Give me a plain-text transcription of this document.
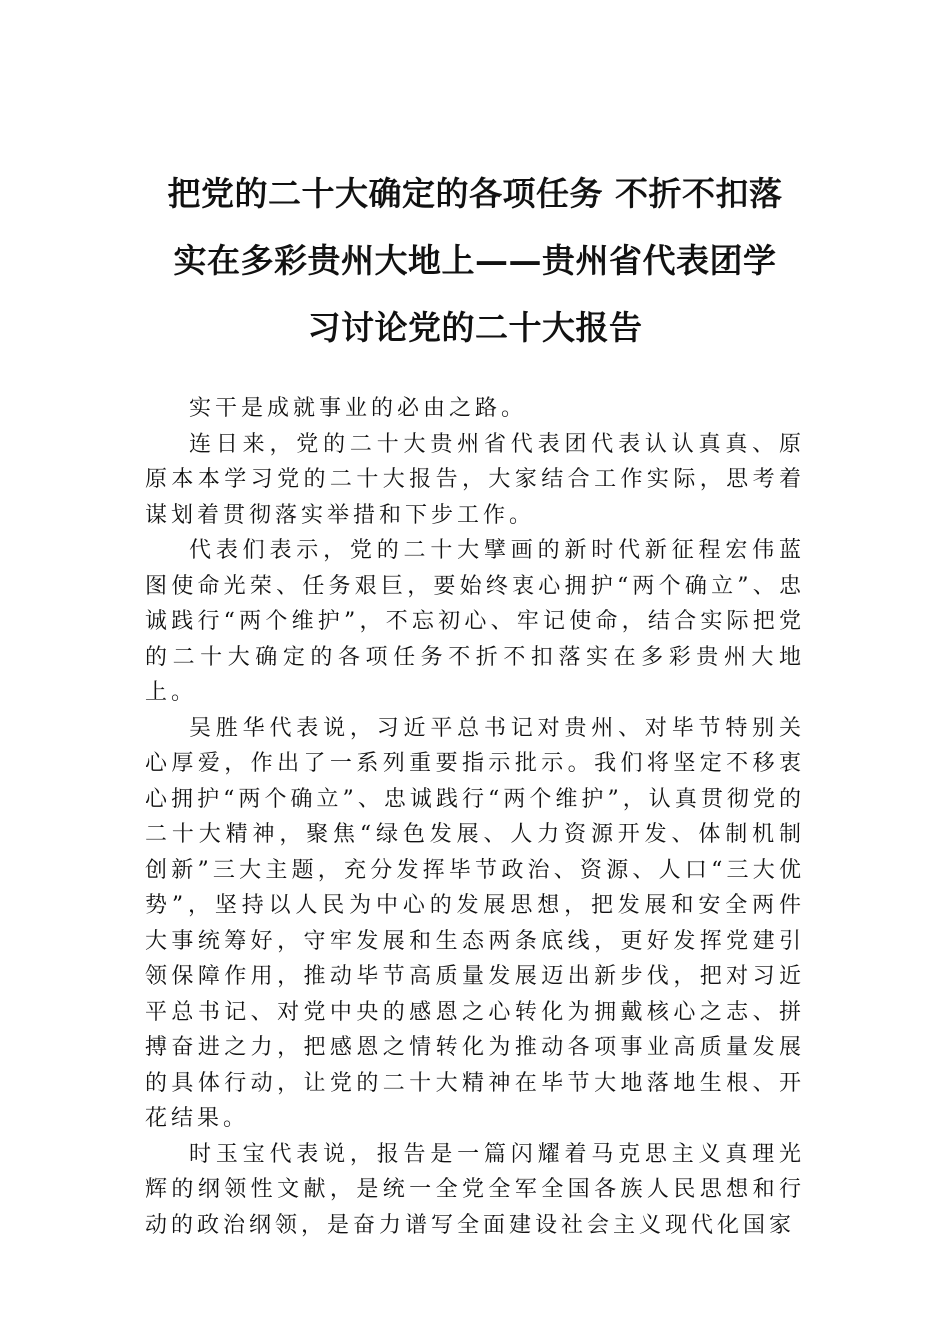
把党的二十大确定的各项任务 不折不扣落
实在多彩贵州大地上——贵州省代表团学
习讨论党的二十大报告

实干是成就事业的必由之路。

连日来，党的二十大贵州省代表团代表认认真真、原原本本学习党的二十大报告，大家结合工作实际，思考着谋划着贯彻落实举措和下步工作。

代表们表示，党的二十大擘画的新时代新征程宏伟蓝图使命光荣、任务艰巨，要始终衷心拥护“两个确立”、忠诚践行“两个维护”，不忘初心、牢记使命，结合实际把党的二十大确定的各项任务不折不扣落实在多彩贵州大地上。

吴胜华代表说，习近平总书记对贵州、对毕节特别关心厚爱，作出了一系列重要指示批示。我们将坚定不移衷心拥护“两个确立”、忠诚践行“两个维护”，认真贯彻党的二十大精神，聚焦“绿色发展、人力资源开发、体制机制创新”三大主题，充分发挥毕节政治、资源、人口“三大优势”，坚持以人民为中心的发展思想，把发展和安全两件大事统筹好，守牢发展和生态两条底线，更好发挥党建引领保障作用，推动毕节高质量发展迈出新步伐，把对习近平总书记、对党中央的感恩之心转化为拥戴核心之志、拼搏奋进之力，把感恩之情转化为推动各项事业高质量发展的具体行动，让党的二十大精神在毕节大地落地生根、开花结果。

时玉宝代表说，报告是一篇闪耀着马克思主义真理光辉的纲领性文献，是统一全党全军全国各族人民思想和行动的政治纲领，是奋力谱写全面建设社会主义现代化国家
